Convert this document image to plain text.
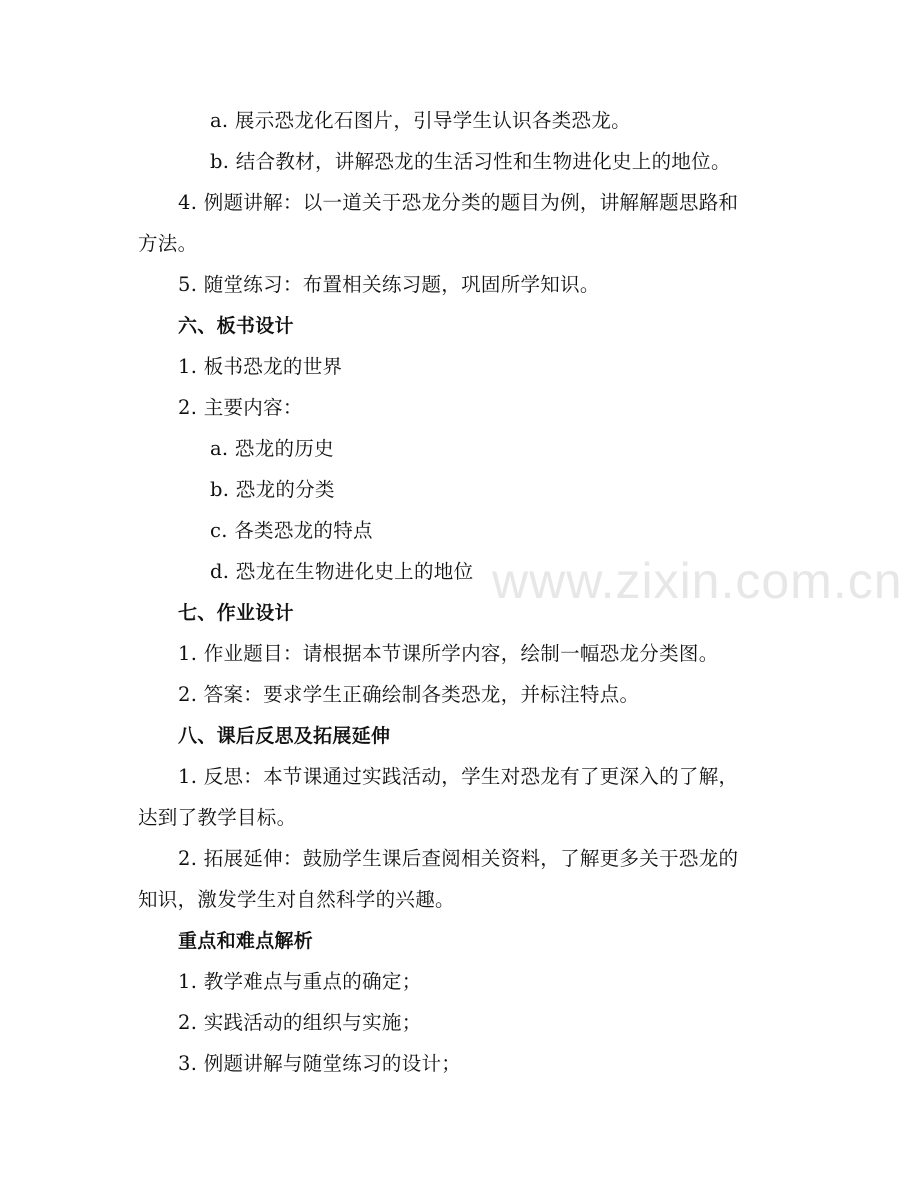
a. 展示恐龙化石图片，引导学生认识各类恐龙。
b. 结合教材，讲解恐龙的生活习性和生物进化史上的地位。
4. 例题讲解：以一道关于恐龙分类的题目为例，讲解解题思路和
方法。
5. 随堂练习：布置相关练习题，巩固所学知识。
六、板书设计
1. 板书恐龙的世界
2. 主要内容：
a. 恐龙的历史
b. 恐龙的分类
c. 各类恐龙的特点
d. 恐龙在生物进化史上的地位
七、作业设计
1. 作业题目：请根据本节课所学内容，绘制一幅恐龙分类图。
2. 答案：要求学生正确绘制各类恐龙，并标注特点。
八、课后反思及拓展延伸
1. 反思：本节课通过实践活动，学生对恐龙有了更深入的了解，
达到了教学目标。
2. 拓展延伸：鼓励学生课后查阅相关资料，了解更多关于恐龙的
知识，激发学生对自然科学的兴趣。
重点和难点解析
1. 教学难点与重点的确定；
2. 实践活动的组织与实施；
3. 例题讲解与随堂练习的设计；
www.zixin.com.cn
